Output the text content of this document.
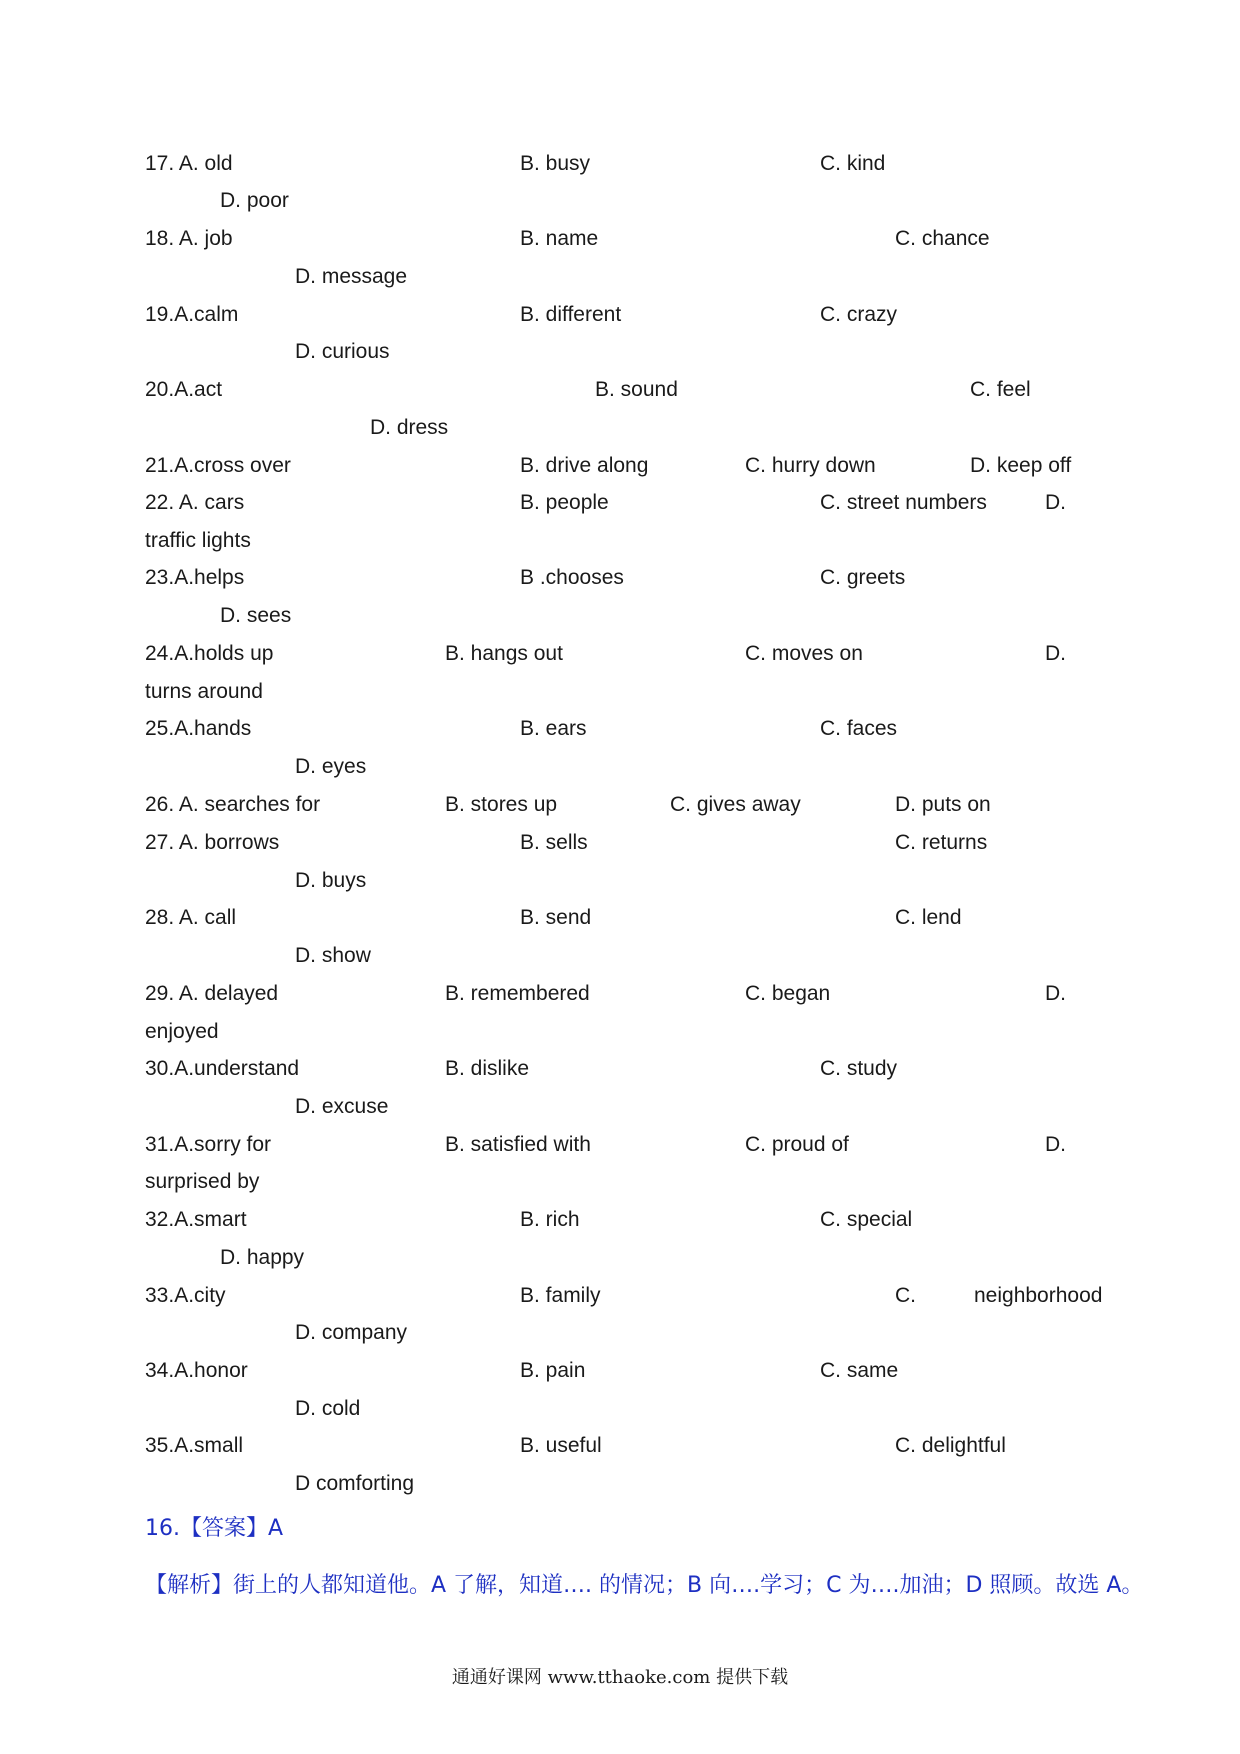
17. A. old	B. busy	C. kind
D. poor
18. A. job	B. name	C. chance
D. message
19.A.calm	B. different	C. crazy
D. curious
20.A.act	B. sound	C. feel
D. dress
21.A.cross over	B. drive along	C. hurry down	D. keep off
22. A. cars	B. people	C. street numbers	D.
traffic lights
23.A.helps	B .chooses	C. greets
D. sees
24.A.holds up	B. hangs out	C. moves on	D.
turns around
25.A.hands	B. ears	C. faces
D. eyes
26. A. searches for	B. stores up	C. gives away	D. puts on
27. A. borrows	B. sells	C. returns
D. buys
28. A. call	B. send	C. lend
D. show
29. A. delayed	B. remembered	C. began	D.
enjoyed
30.A.understand	B. dislike	C. study
D. excuse
31.A.sorry for	B. satisfied with	C. proud of	D.
surprised by
32.A.smart	B. rich	C. special
D. happy
33.A.city	B. family	C.	neighborhood
D. company
34.A.honor	B. pain	C. same
D. cold
35.A.small	B. useful	C. delightful
D comforting
16.【答案】A
【解析】街上的人都知道他。A 了解，知道…. 的情况；B 向….学习；C 为….加油；D 照顾。故选 A。
通通好课网 www.tthaoke.com 提供下载
